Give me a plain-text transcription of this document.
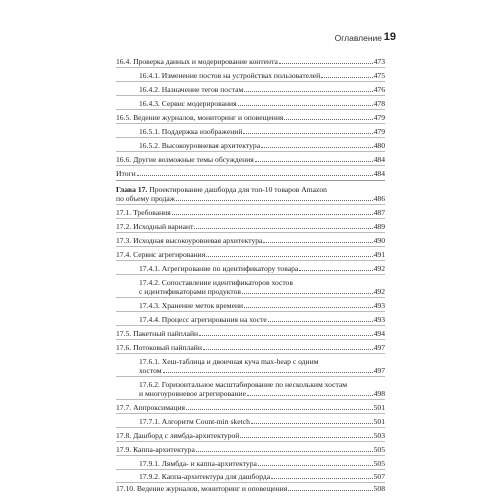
Оглавление 19
16.4. Проверка данных и модерирование контента	473
16.4.1. Изменение постов на устройствах пользователей	475
16.4.2. Назначение тегов постам	476
16.4.3. Сервис модерирования	478
16.5. Ведение журналов, мониторинг и оповещения	479
16.5.1. Поддержка изображений	479
16.5.2. Высокоуровневая архитектура	480
16.6. Другие возможные темы обсуждения	484
Итоги	484
Глава 17. Проектирование дашборда для топ-10 товаров Amazon
по объему продаж	486
17.1. Требования	487
17.2. Исходный вариант	489
17.3. Исходная высокоуровневая архитектура	490
17.4. Сервис агрегирования	491
17.4.1. Агрегирование по идентификатору товара	492
17.4.2. Сопоставление идентификаторов хостов
с идентификаторами продуктов	492
17.4.3. Хранение меток времени	493
17.4.4. Процесс агрегирования на хосте	493
17.5. Пакетный пайплайн	494
17.6. Потоковый пайплайн	497
17.6.1. Хеш-таблица и двоичная куча max-heap с одним
хостом	497
17.6.2. Горизонтальное масштабирование по нескольким хостам
и многоуровневое агрегирование	498
17.7. Аппроксимация	501
17.7.1. Алгоритм Count-min sketch	501
17.8. Дашборд с лямбда-архитектурой	503
17.9. Каппа-архитектура	505
17.9.1. Лямбда- и каппа-архитектура	505
17.9.2. Каппа-архитектура для дашборда	507
17.10. Ведение журналов, мониторинг и оповещения	508
